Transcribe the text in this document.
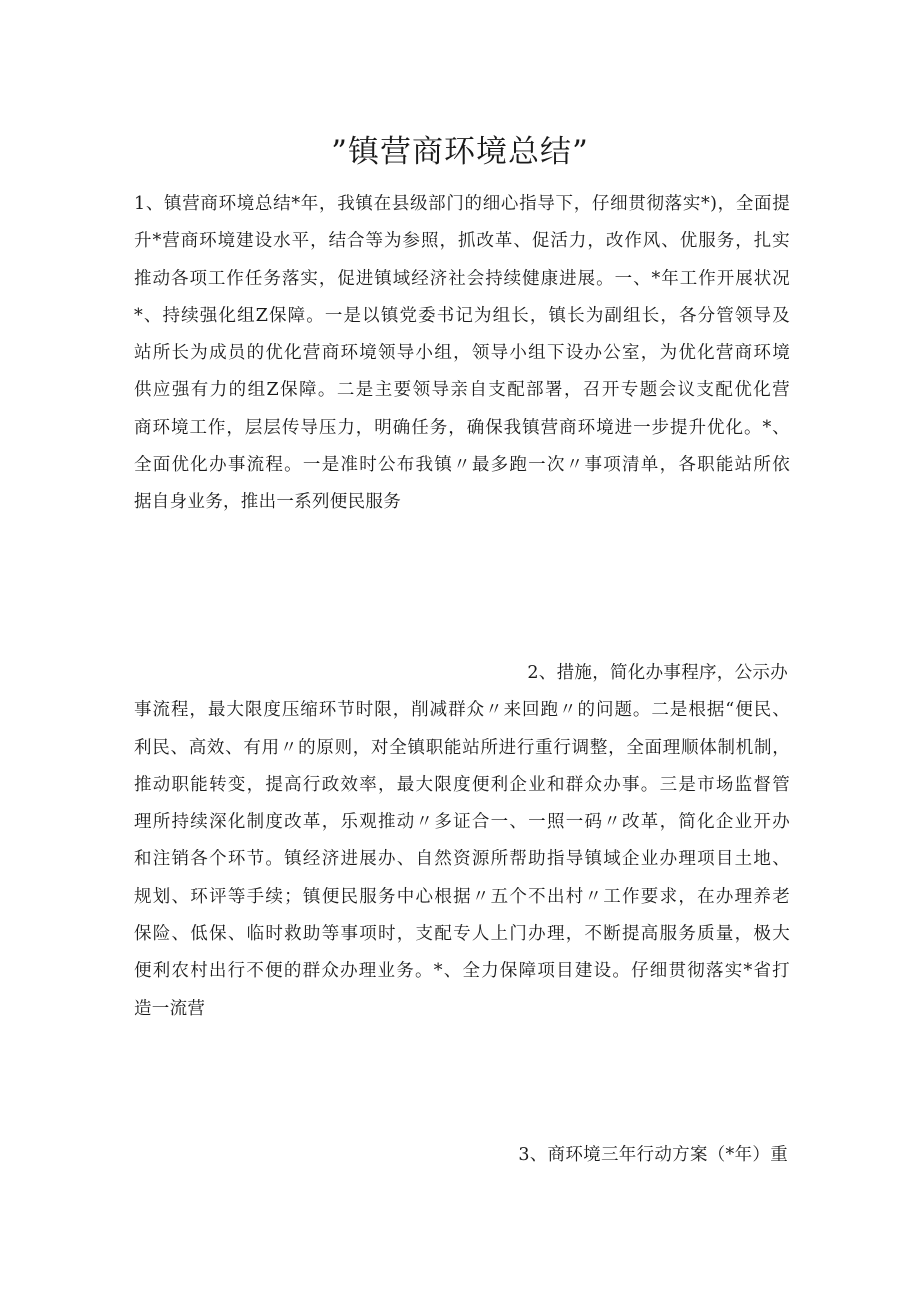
”镇营商环境总结”
1、镇营商环境总结*年，我镇在县级部门的细心指导下，仔细贯彻落实*)，全面提
升*营商环境建设水平，结合等为参照，抓改革、促活力，改作风、优服务，扎实
推动各项工作任务落实，促进镇域经济社会持续健康进展。一、*年工作开展状况
*、持续强化组Z保障。一是以镇党委书记为组长，镇长为副组长，各分管领导及
站所长为成员的优化营商环境领导小组，领导小组下设办公室，为优化营商环境
供应强有力的组Z保障。二是主要领导亲自支配部署，召开专题会议支配优化营
商环境工作，层层传导压力，明确任务，确保我镇营商环境进一步提升优化。*、
全面优化办事流程。一是准时公布我镇〃最多跑一次〃事项清单，各职能站所依
据自身业务，推出一系列便民服务
2、措施，简化办事程序，公示办
事流程，最大限度压缩环节时限，削减群众〃来回跑〃的问题。二是根据“便民、
利民、高效、有用〃的原则，对全镇职能站所进行重行调整，全面理顺体制机制，
推动职能转变，提高行政效率，最大限度便利企业和群众办事。三是市场监督管
理所持续深化制度改革，乐观推动〃多证合一、一照一码〃改革，简化企业开办
和注销各个环节。镇经济进展办、自然资源所帮助指导镇域企业办理项目土地、
规划、环评等手续；镇便民服务中心根据〃五个不出村〃工作要求，在办理养老
保险、低保、临时救助等事项时，支配专人上门办理，不断提高服务质量，极大
便利农村出行不便的群众办理业务。*、全力保障项目建设。仔细贯彻落实*省打
造一流营
3、商环境三年行动方案（*年）重
